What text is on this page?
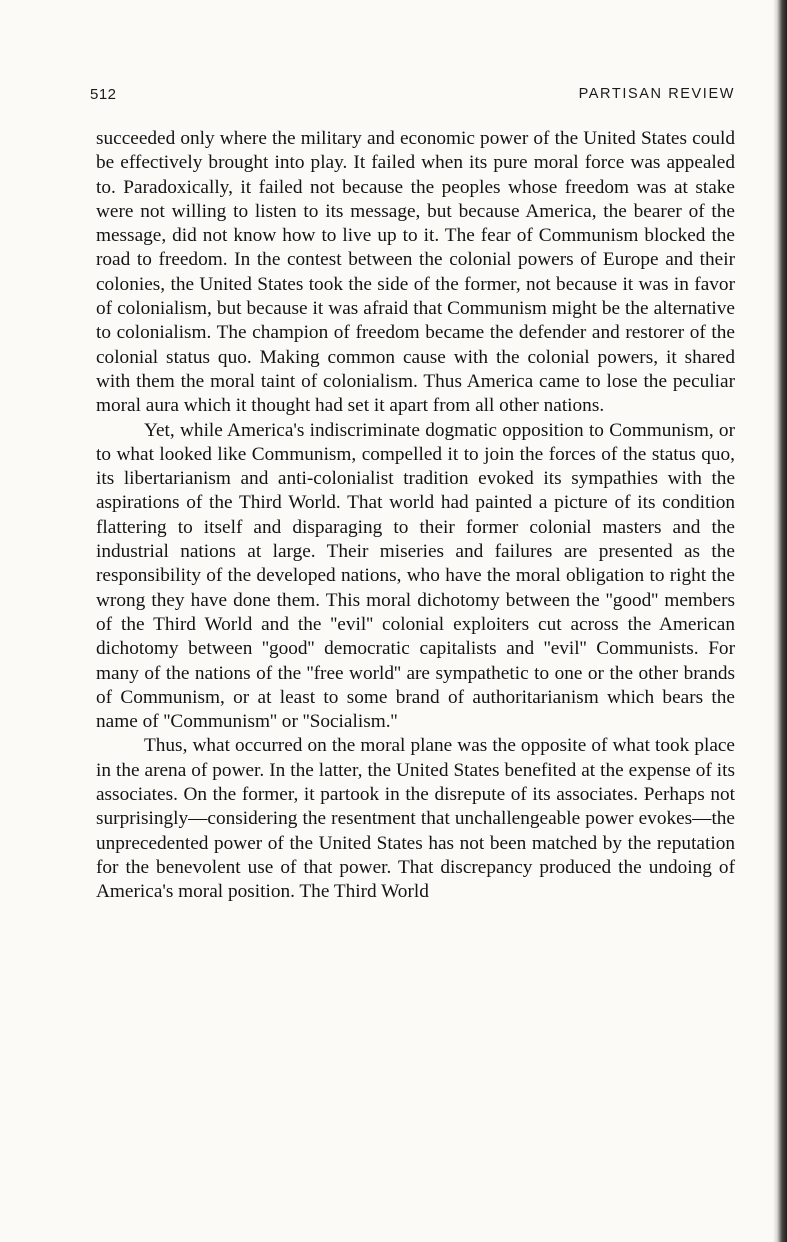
512	PARTISAN REVIEW

succeeded only where the military and economic power of the United States could be effectively brought into play. It failed when its pure moral force was appealed to. Paradoxically, it failed not because the peoples whose freedom was at stake were not willing to listen to its message, but because America, the bearer of the message, did not know how to live up to it. The fear of Communism blocked the road to freedom. In the contest between the colonial powers of Europe and their colonies, the United States took the side of the former, not because it was in favor of colonialism, but because it was afraid that Communism might be the alternative to colonialism. The champion of freedom became the defender and restorer of the colonial status quo. Making common cause with the colonial powers, it shared with them the moral taint of colonialism. Thus America came to lose the peculiar moral aura which it thought had set it apart from all other nations.

Yet, while America's indiscriminate dogmatic opposition to Communism, or to what looked like Communism, compelled it to join the forces of the status quo, its libertarianism and anti-colonialist tradition evoked its sympathies with the aspirations of the Third World. That world had painted a picture of its condition flattering to itself and disparaging to their former colonial masters and the industrial nations at large. Their miseries and failures are presented as the responsibility of the developed nations, who have the moral obligation to right the wrong they have done them. This moral dichotomy between the ''good'' members of the Third World and the ''evil'' colonial exploiters cut across the American dichotomy between ''good'' democratic capitalists and ''evil'' Communists. For many of the nations of the ''free world'' are sympathetic to one or the other brands of Communism, or at least to some brand of authoritarianism which bears the name of ''Communism'' or ''Socialism.''

Thus, what occurred on the moral plane was the opposite of what took place in the arena of power. In the latter, the United States benefited at the expense of its associates. On the former, it partook in the disrepute of its associates. Perhaps not surprisingly—considering the resentment that unchallengeable power evokes—the unprecedented power of the United States has not been matched by the reputation for the benevolent use of that power. That discrepancy produced the undoing of America's moral position. The Third World
